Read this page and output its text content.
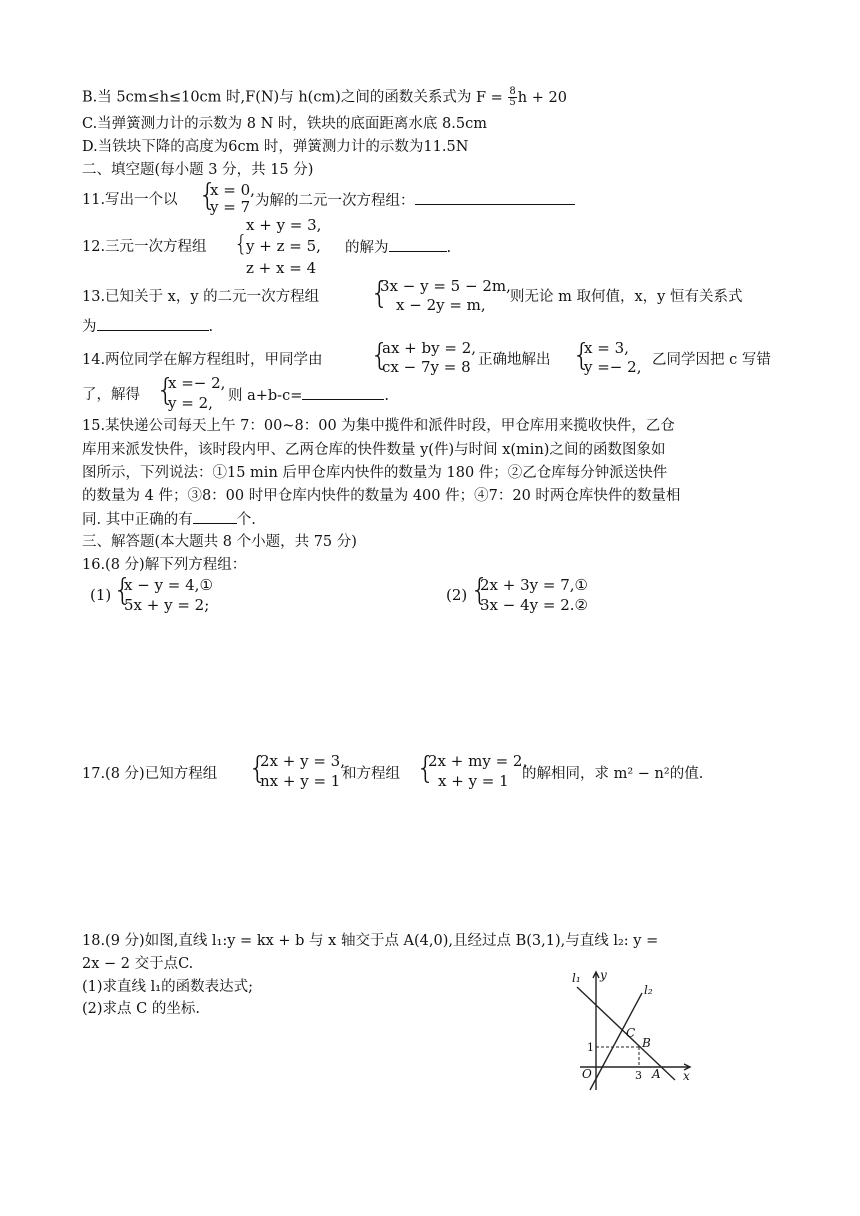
B.当 5cm≤h≤10cm 时,F(N)与 h(cm)之间的函数关系式为 $F = \frac{8}{5}$ h + 20
C.当弹簧测力计的示数为 8 N 时，铁块的底面距离水底 8.5cm
D.当铁块下降的高度为6cm 时，弹簧测力计的示数为11.5N
二、填空题(每小题 3 分，共 15 分)
11.写出一个以 {
x = 0,
y = 7 为解的二元一次方程组：
x + y = 3,
12.三元一次方程组 {
y + z = 5, 的解为	.
z + x = 4
13.已知关于 x，y 的二元一次方程组 {
3x − y = 5 − 2m,
x − 2y = m, 则无论 m 取何值，x，y 恒有关系式
为	.
14.两位同学在解方程组时，甲同学由 {
ax + by = 2,
cx − 7y = 8 正确地解出 {
x = 3,
y =− 2, 乙同学因把 c 写错
了，解得 {
x =− 2,
y = 2, 则 a+b-c=	.
15.某快递公司每天上午 7：00~8：00 为集中揽件和派件时段，甲仓库用来揽收快件，乙仓
库用来派发快件，该时段内甲、乙两仓库的快件数量 y(件)与时间 x(min)之间的函数图象如
图所示，下列说法：①15 min 后甲仓库内快件的数量为 180 件；②乙仓库每分钟派送快件
的数量为 4 件；③8：00 时甲仓库内快件的数量为 400 件；④7：20 时两仓库快件的数量相
同. 其中正确的有	个.
三、解答题(本大题共 8 个小题，共 75 分)
16.(8 分)解下列方程组：
(1) {
x − y = 4,①
5x + y = 2;
(2) {
2x + 3y = 7,①
3x − 4y = 2.②
17.(8 分)已知方程组 {
2x + y = 3,
nx + y = 1 和方程组 {
2x + my = 2,
x + y = 1 的解相同，求 m² − n²的值.
18.(9 分)如图,直线 l₁:y = kx + b 与 x 轴交于点 A(4,0),且经过点 B(3,1),与直线 l₂: y =
2x − 2 交于点C.
(1)求直线 l₁的函数表达式;
(2)求点 C 的坐标.
l₁
l₂
y
x
C
B
O	A
1
3
